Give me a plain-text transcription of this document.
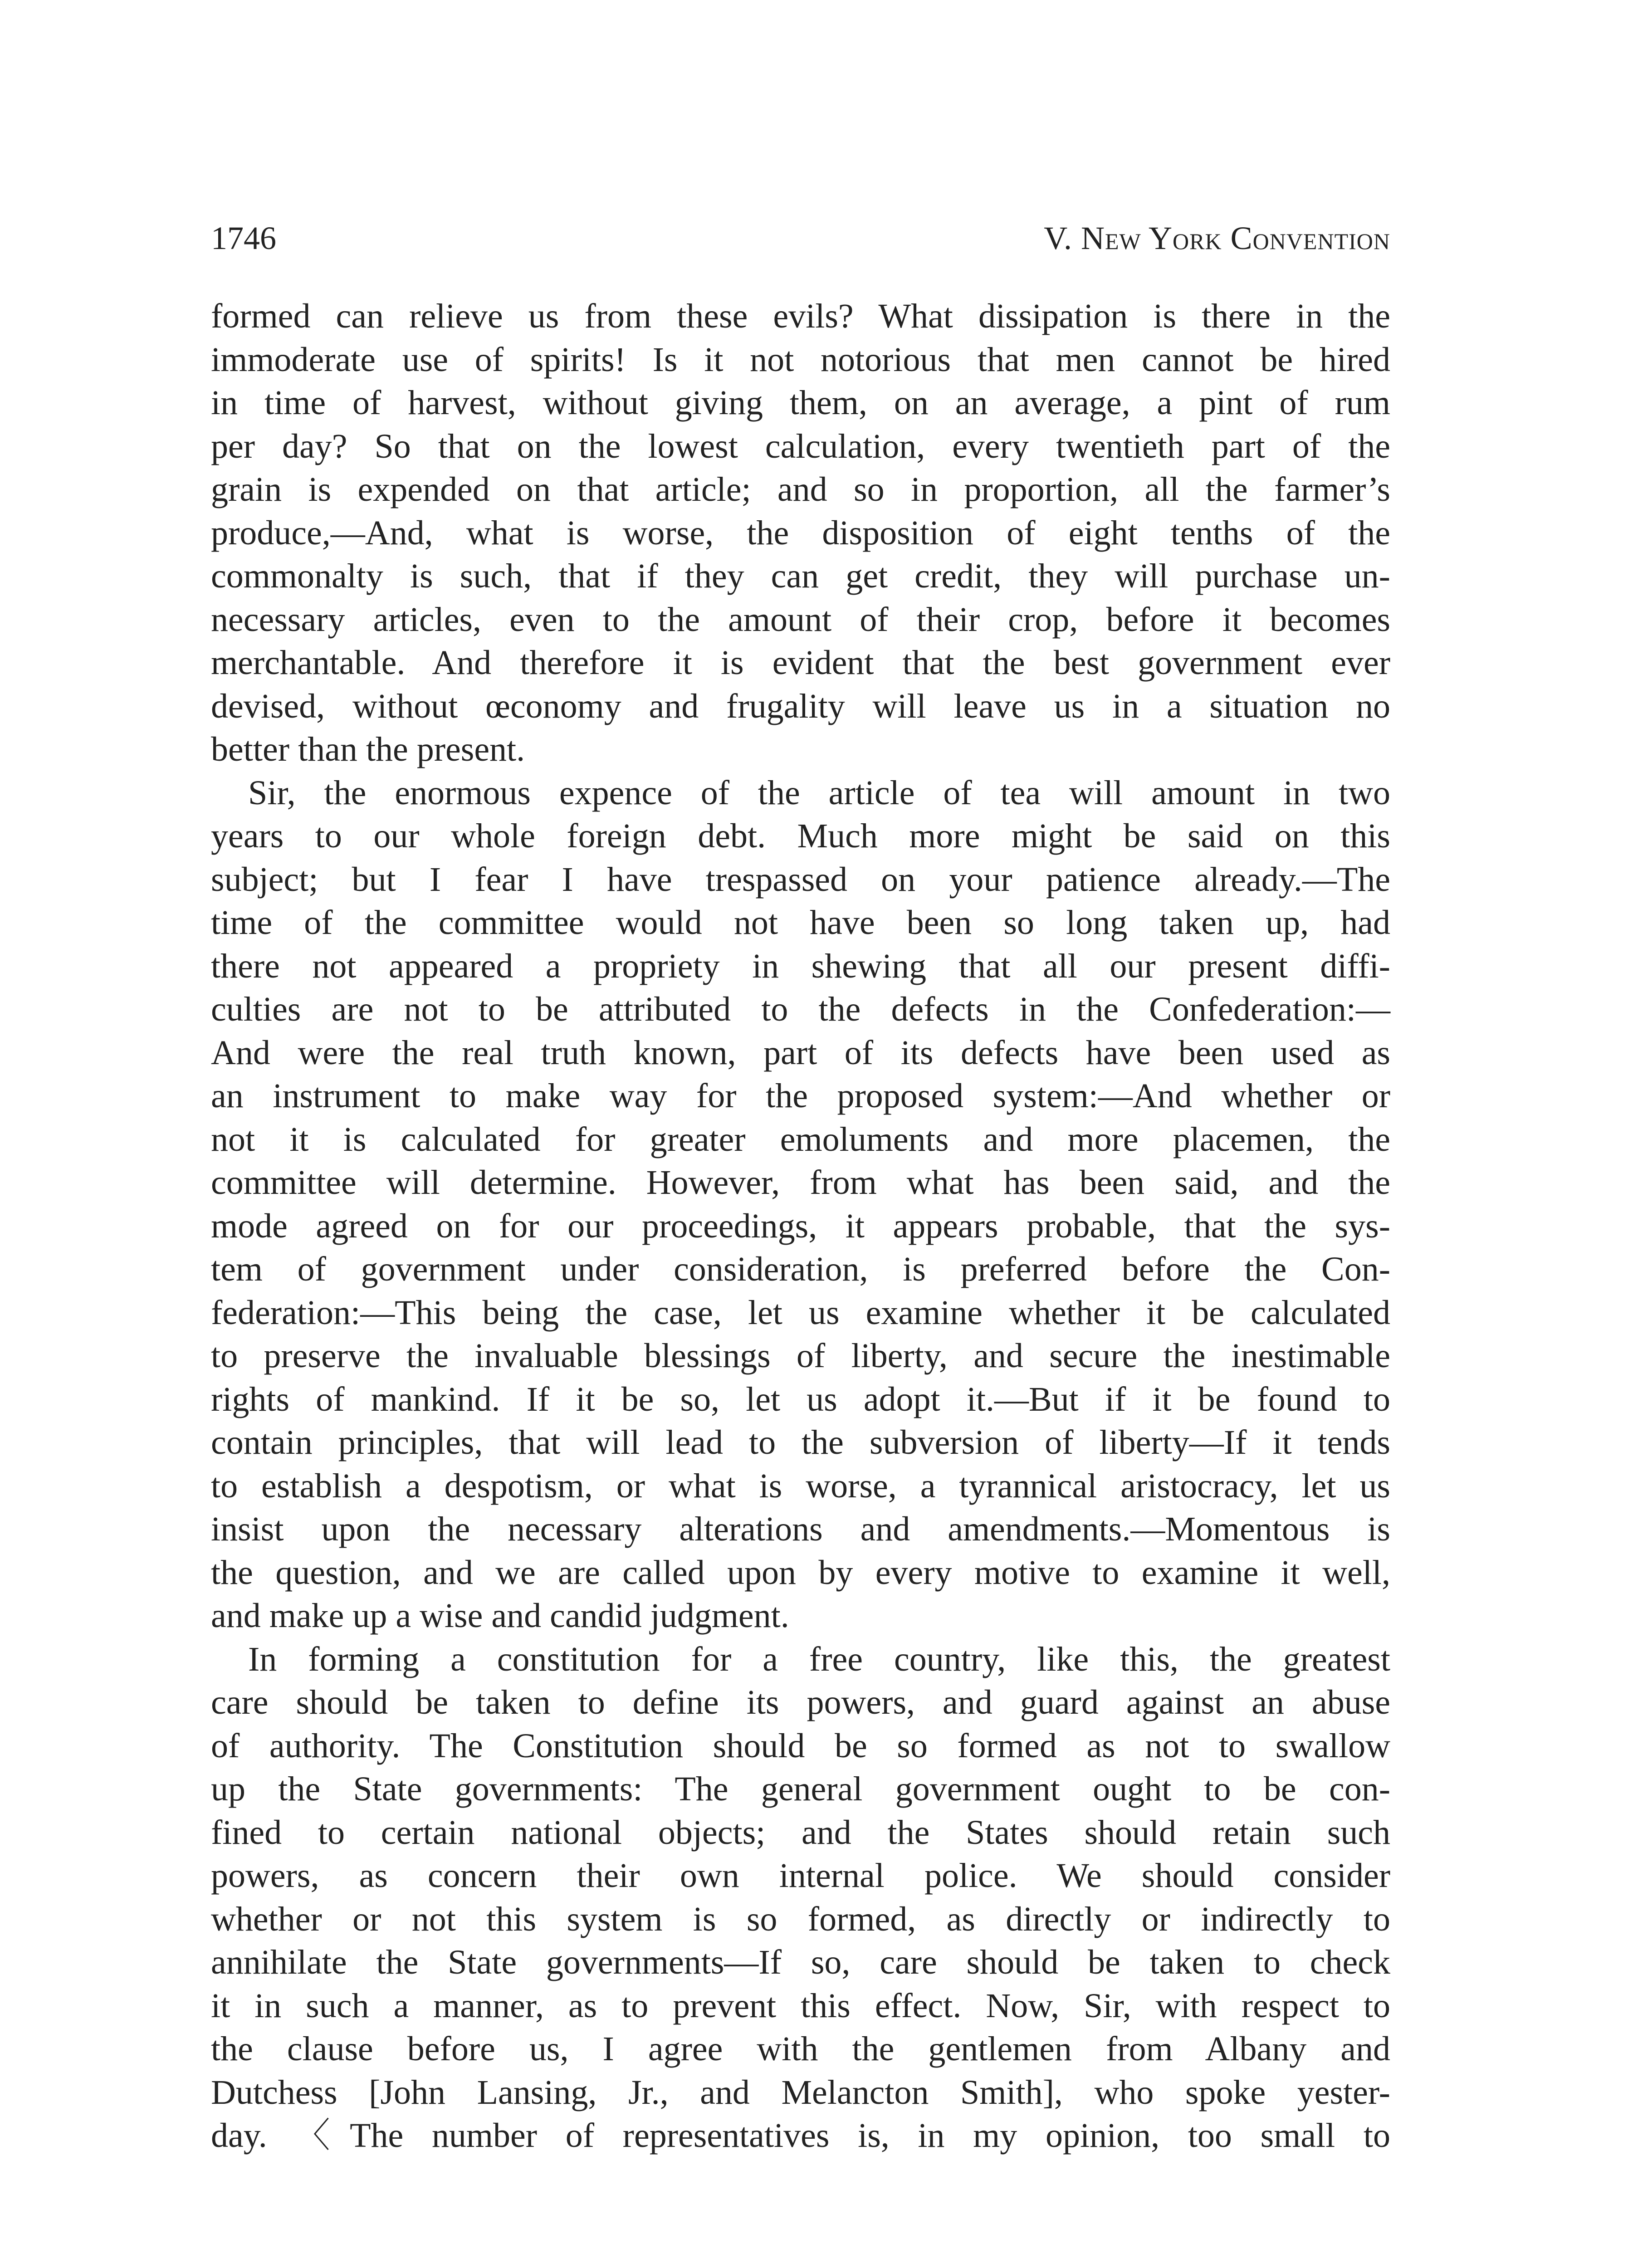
1746	V. New York Convention

formed can relieve us from these evils? What dissipation is there in the
immoderate use of spirits! Is it not notorious that men cannot be hired
in time of harvest, without giving them, on an average, a pint of rum
per day? So that on the lowest calculation, every twentieth part of the
grain is expended on that article; and so in proportion, all the farmer’s
produce,—And, what is worse, the disposition of eight tenths of the
commonalty is such, that if they can get credit, they will purchase un-
necessary articles, even to the amount of their crop, before it becomes
merchantable. And therefore it is evident that the best government ever
devised, without œconomy and frugality will leave us in a situation no
better than the present.

Sir, the enormous expence of the article of tea will amount in two
years to our whole foreign debt. Much more might be said on this
subject; but I fear I have trespassed on your patience already.—The
time of the committee would not have been so long taken up, had
there not appeared a propriety in shewing that all our present diffi-
culties are not to be attributed to the defects in the Confederation:—
And were the real truth known, part of its defects have been used as
an instrument to make way for the proposed system:—And whether or
not it is calculated for greater emoluments and more placemen, the
committee will determine. However, from what has been said, and the
mode agreed on for our proceedings, it appears probable, that the sys-
tem of government under consideration, is preferred before the Con-
federation:—This being the case, let us examine whether it be calculated
to preserve the invaluable blessings of liberty, and secure the inestimable
rights of mankind. If it be so, let us adopt it.—But if it be found to
contain principles, that will lead to the subversion of liberty—If it tends
to establish a despotism, or what is worse, a tyrannical aristocracy, let us
insist upon the necessary alterations and amendments.—Momentous is
the question, and we are called upon by every motive to examine it well,
and make up a wise and candid judgment.

In forming a constitution for a free country, like this, the greatest
care should be taken to define its powers, and guard against an abuse
of authority. The Constitution should be so formed as not to swallow
up the State governments: The general government ought to be con-
fined to certain national objects; and the States should retain such
powers, as concern their own internal police. We should consider
whether or not this system is so formed, as directly or indirectly to
annihilate the State governments—If so, care should be taken to check
it in such a manner, as to prevent this effect. Now, Sir, with respect to
the clause before us, I agree with the gentlemen from Albany and
Dutchess [John Lansing, Jr., and Melancton Smith], who spoke yester-
day. 〈The number of representatives is, in my opinion, too small to
